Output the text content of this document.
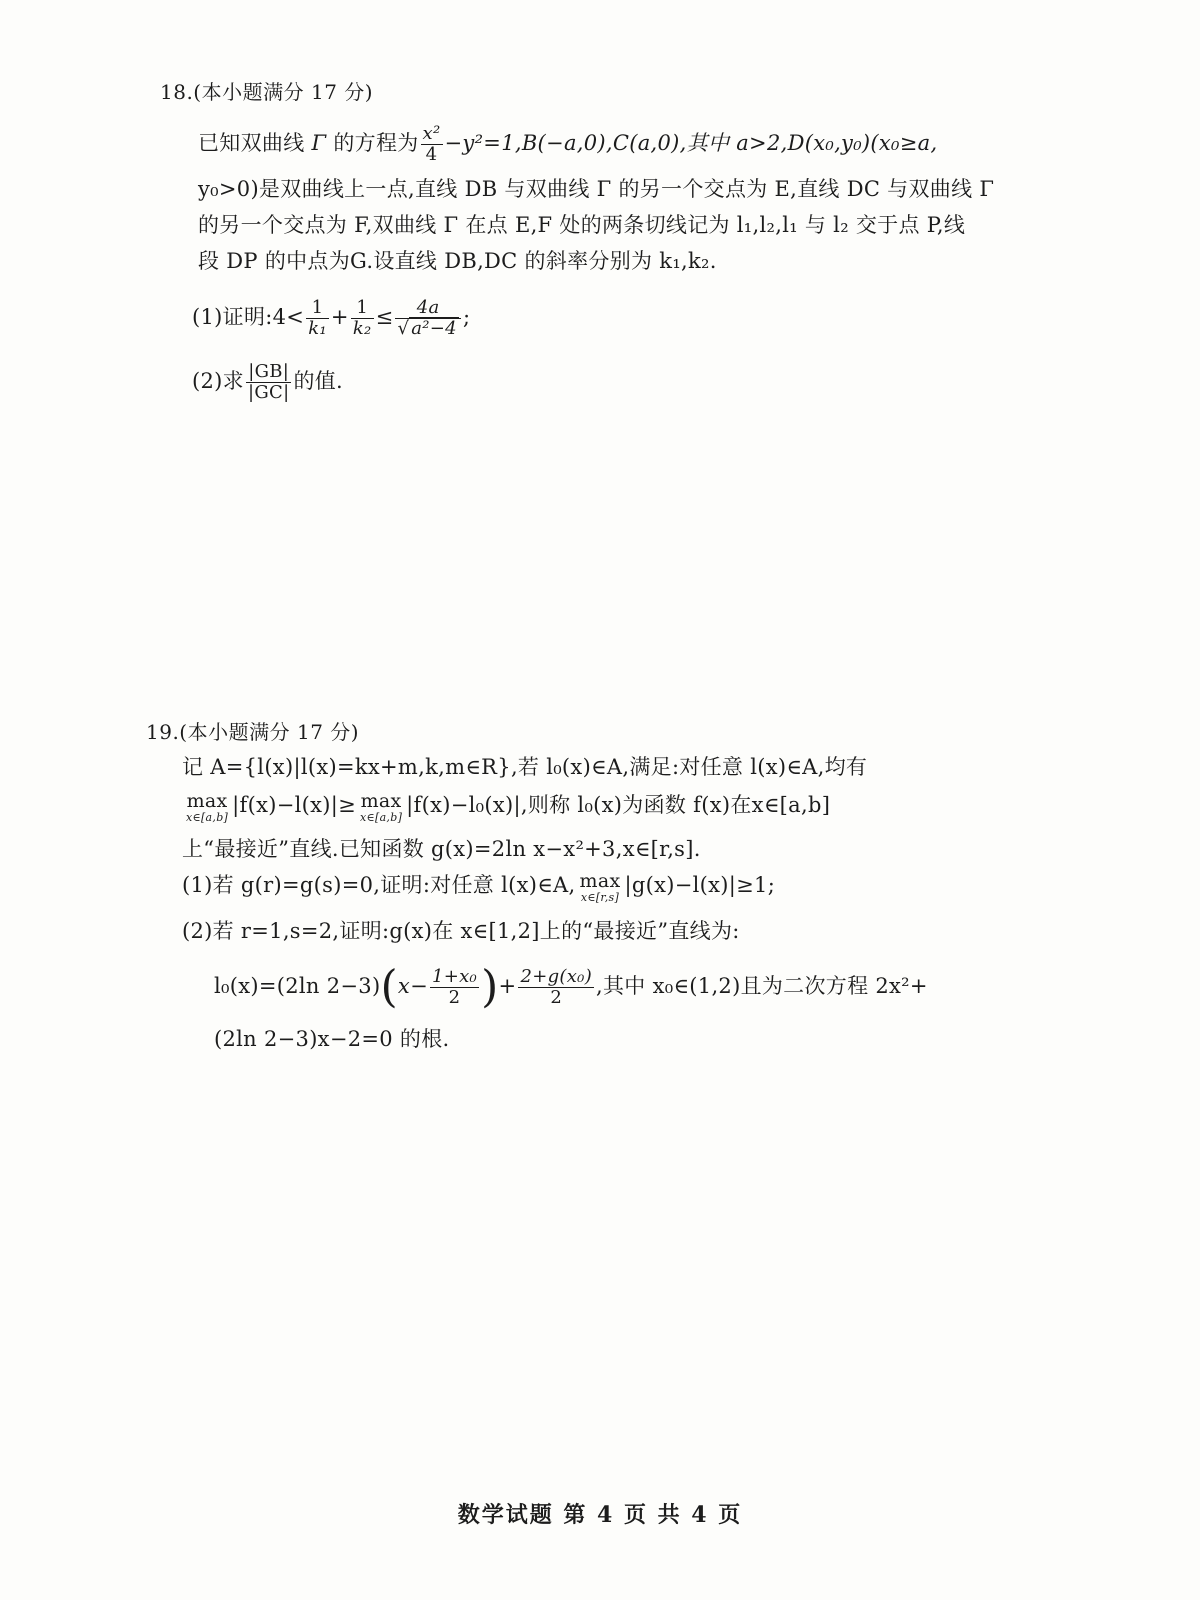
18.(本小题满分 17 分)
已知双曲线 Γ 的方程为 $\frac{\text{x²}}{4} -y^2=1,B(-a,0),C(a,0)$,其中 a>2,D(x₀,y₀)(x₀≥a,
y₀>0)是双曲线上一点,直线 DB 与双曲线 Γ 的另一个交点为 E,直线 DC 与双曲线 Γ
的另一个交点为 F,双曲线 Γ 在点 E,F 处的两条切线记为 l₁,l₂,l₁ 与 l₂ 交于点 P,线
段 DP 的中点为G.设直线 DB,DC 的斜率分别为 k₁,k₂.
(1)证明:4< $\frac{1}{\text{k₁}} + \frac{1}{\text{k₂}} \le \frac{4a}{\text{√ a²−4}}$ ;
(2)求 $\frac{|GB|}{|GC|}$ 的值.
19.(本小题满分 17 分)
记 A={l(x)|l(x)=kx+m,k,m∈R},若 l₀(x)∈A,满足:对任意 l(x)∈A,均有
max
x∈[a,b]
|f(x)−l(x)|≥ max
x∈[a,b]
|f(x)−l₀(x)|,则称 l₀(x)为函数 f(x)在x∈[a,b]
上“最接近”直线.已知函数 g(x)=2ln x−x²+3,x∈[r,s].
(1)若 g(r)=g(s)=0,证明:对任意 l(x)∈A, max
x∈[r,s]
|g(x)−l(x)|≥1;
(2)若 r=1,s=2,证明:g(x)在 x∈[1,2]上的“最接近”直线为:
l₀(x)=(2ln $2-3)(x- \frac{\text{1+x₀}}{2}$ )+ $\frac{\text{2+g(x₀)}}{2}$ ,其中 x₀∈(1,2)且为二次方程 2x²+
(2ln 2−3)x−2=0 的根.
数学试题 第 4 页 共 4 页
